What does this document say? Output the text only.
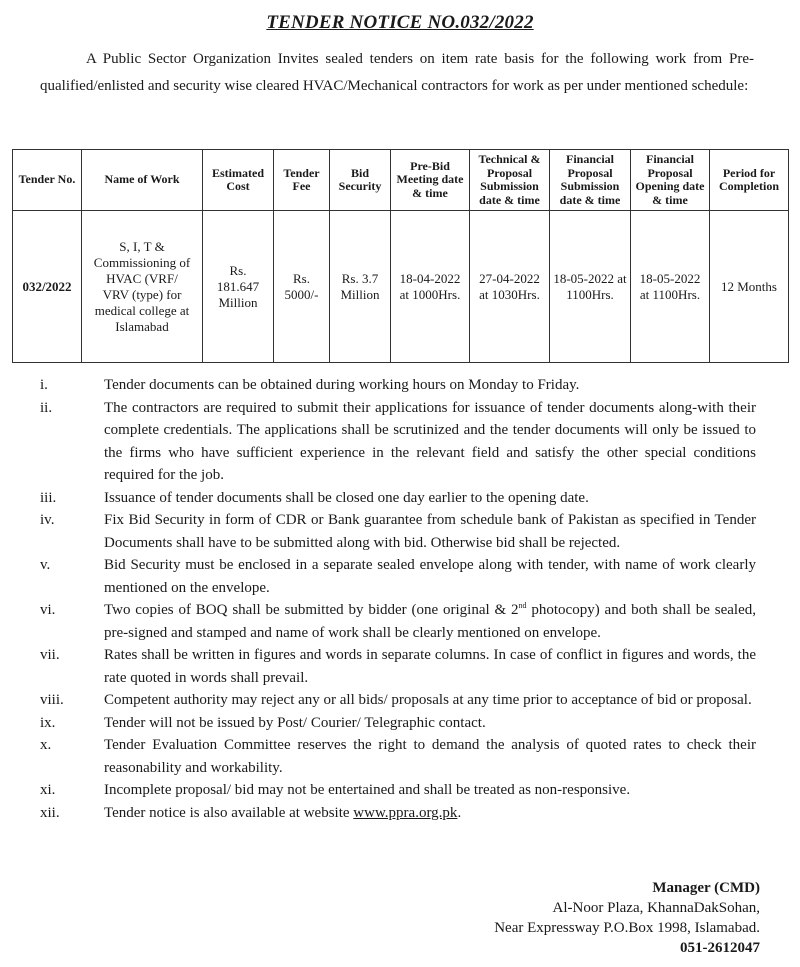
TENDER NOTICE NO.032/2022

A Public Sector Organization Invites sealed tenders on item rate basis for the following work from Pre-qualified/enlisted and security wise cleared HVAC/Mechanical contractors for work as per under mentioned schedule:

Tender No.	Name of Work	Estimated Cost	Tender Fee	Bid Security	Pre-Bid Meeting date & time	Technical & Proposal Submission date & time	Financial Proposal Submission date & time	Financial Proposal Opening date & time	Period for Completion
032/2022	S, I, T & Commissioning of HVAC (VRF/ VRV (type) for medical college at Islamabad	Rs. 181.647 Million	Rs. 5000/-	Rs. 3.7 Million	18-04-2022 at 1000Hrs.	27-04-2022 at 1030Hrs.	18-05-2022 at 1100Hrs.	18-05-2022 at 1100Hrs.	12 Months
i.	Tender documents can be obtained during working hours on Monday to Friday.
ii.	The contractors are required to submit their applications for issuance of tender documents along-with their complete credentials. The applications shall be scrutinized and the tender documents will only be issued to the firms who have sufficient experience in the relevant field and satisfy the other special conditions required for the job.
iii.	Issuance of tender documents shall be closed one day earlier to the opening date.
iv.	Fix Bid Security in form of CDR or Bank guarantee from schedule bank of Pakistan as specified in Tender Documents shall have to be submitted along with bid. Otherwise bid shall be rejected.
v.	Bid Security must be enclosed in a separate sealed envelope along with tender, with name of work clearly mentioned on the envelope.
vi.	Two copies of BOQ shall be submitted by bidder (one original & 2nd photocopy) and both shall be sealed, pre-signed and stamped and name of work shall be clearly mentioned on envelope.
vii.	Rates shall be written in figures and words in separate columns. In case of conflict in figures and words, the rate quoted in words shall prevail.
viii.	Competent authority may reject any or all bids/ proposals at any time prior to acceptance of bid or proposal.
ix.	Tender will not be issued by Post/ Courier/ Telegraphic contact.
x.	Tender Evaluation Committee reserves the right to demand the analysis of quoted rates to check their reasonability and workability.
xi.	Incomplete proposal/ bid may not be entertained and shall be treated as non-responsive.
xii.	Tender notice is also available at website www.ppra.org.pk.
Manager (CMD)
Al-Noor Plaza, KhannaDakSohan,
Near Expressway P.O.Box 1998, Islamabad.
051-2612047
